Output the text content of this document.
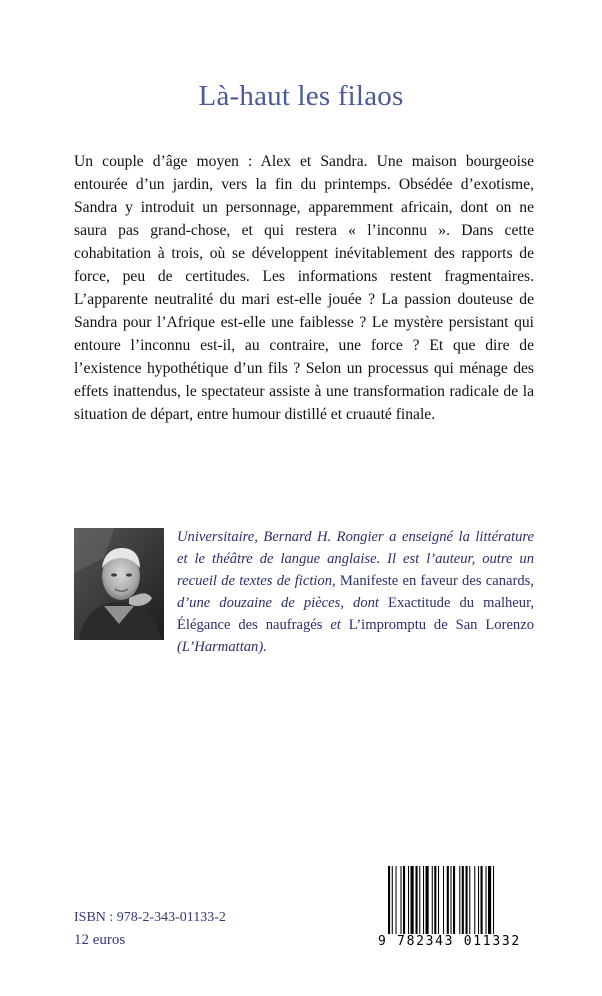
Là-haut les filaos

Un couple d’âge moyen : Alex et Sandra. Une maison bourgeoise entourée d’un jardin, vers la fin du printemps. Obsédée d’exotisme, Sandra y introduit un personnage, apparemment africain, dont on ne saura pas grand-chose, et qui restera « l’inconnu ». Dans cette cohabitation à trois, où se développent inévitablement des rapports de force, peu de certitudes. Les informations restent fragmentaires. L’apparente neutralité du mari est-elle jouée ? La passion douteuse de Sandra pour l’Afrique est-elle une faiblesse ? Le mystère persistant qui entoure l’inconnu est-il, au contraire, une force ? Et que dire de l’existence hypothétique d’un fils ? Selon un processus qui ménage des effets inattendus, le spectateur assiste à une transformation radicale de la situation de départ, entre humour distillé et cruauté finale.

Universitaire, Bernard H. Rongier a enseigné la littérature et le théâtre de langue anglaise. Il est l’auteur, outre un recueil de textes de fiction, Manifeste en faveur des canards, d’une douzaine de pièces, dont Exactitude du malheur, Élégance des naufragés et L’impromptu de San Lorenzo (L’Harmattan).

ISBN : 978-2-343-01133-2
12 euros	9 782343 011332
